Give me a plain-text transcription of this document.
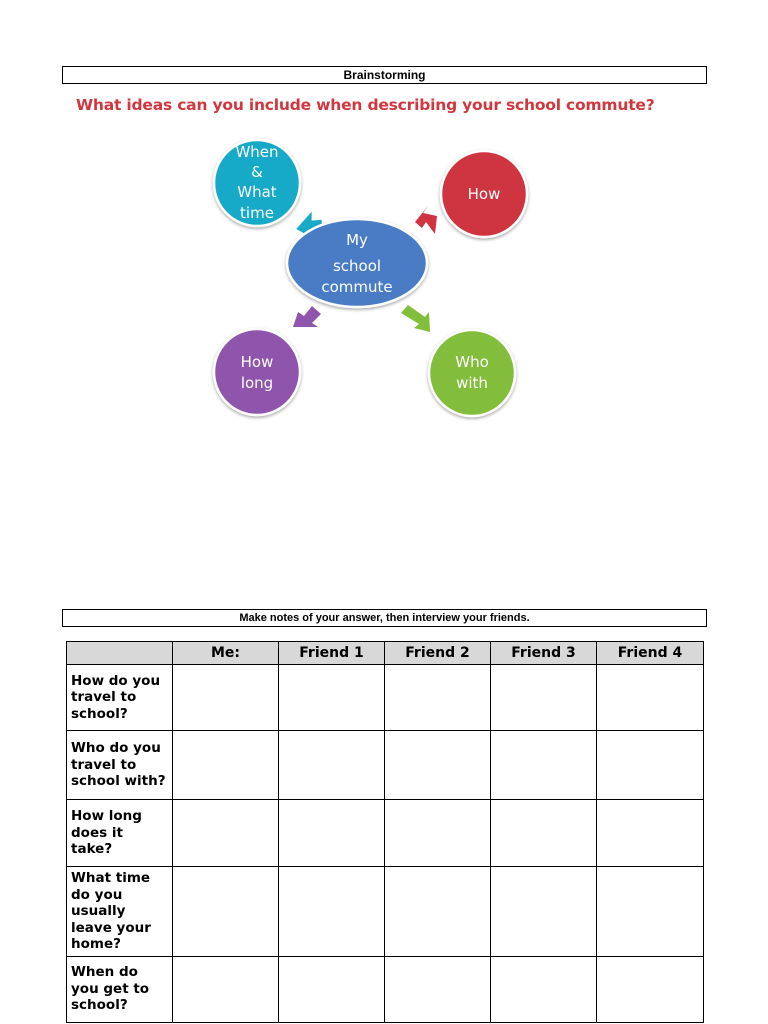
Brainstorming
What ideas can you include when describing your school commute?
When
&
What
time
How
How
long
Who
with
My
school
commute
Make notes of your answer, then interview your friends.
	Me:	Friend 1	Friend 2	Friend 3	Friend 4
How do you travel to school?					
Who do you travel to school with?					
How long does it take?					
What time do you usually leave your home?					
When do you get to school?					
